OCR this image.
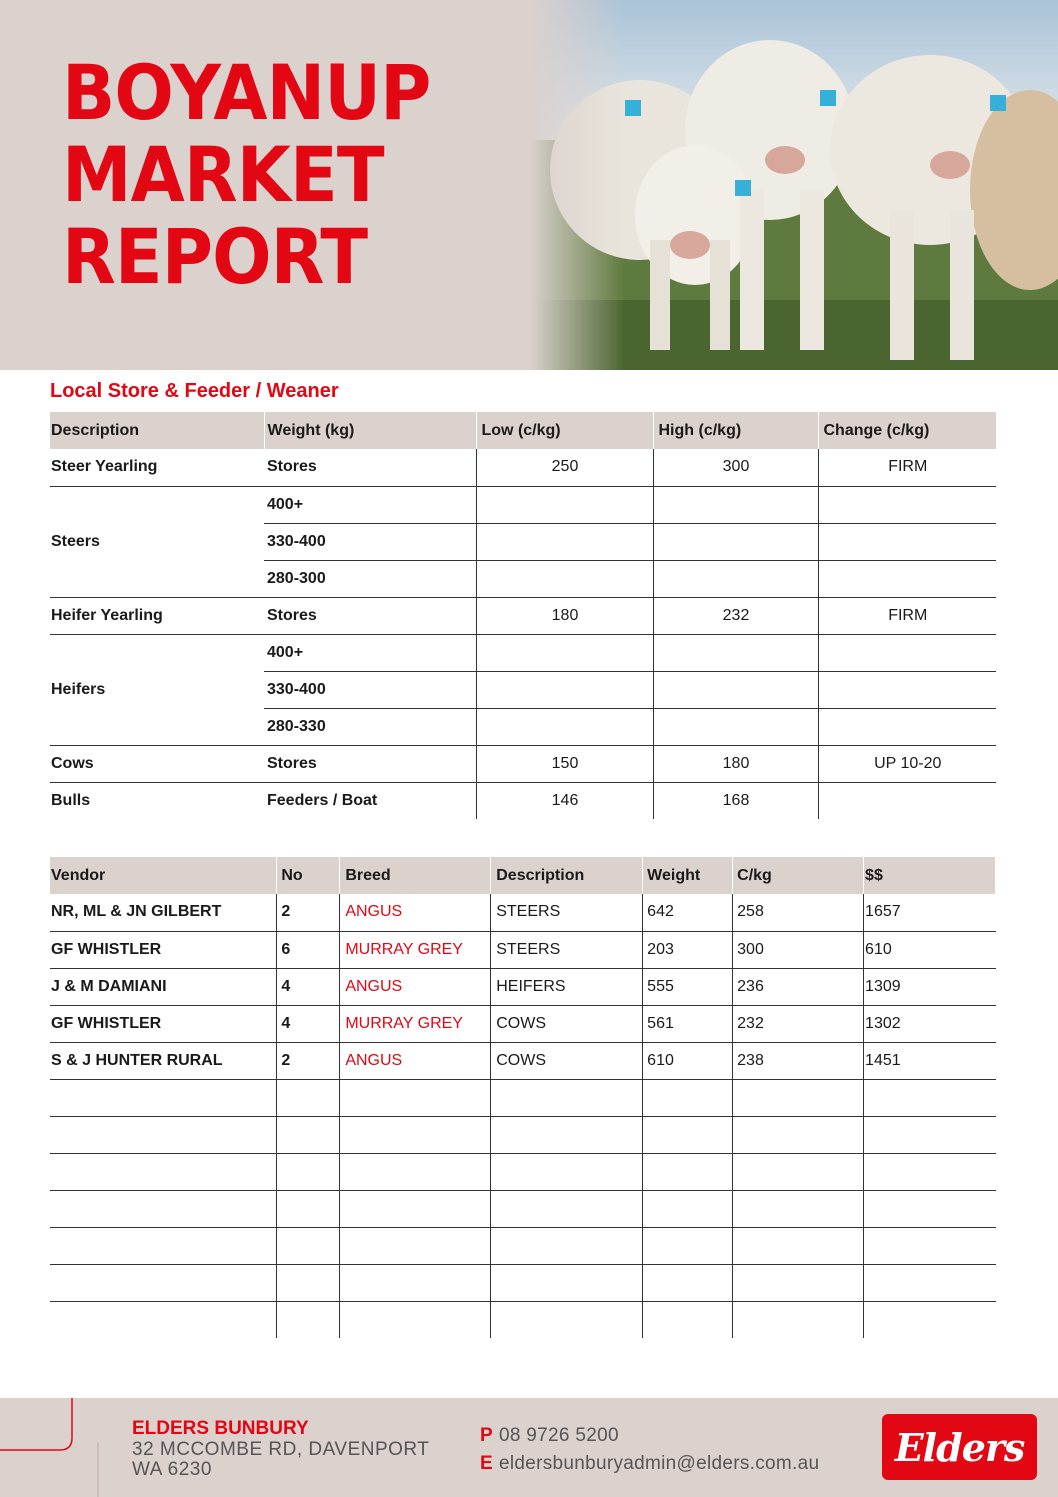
BOYANUP
MARKET
REPORT
Local Store & Feeder / Weaner
Description	Weight (kg)	Low (c/kg)	High (c/kg)	Change (c/kg)
Steer Yearling	Stores	250	300	FIRM
	400+			
Steers	330-400			
	280-300			
Heifer Yearling	Stores	180	232	FIRM
	400+			
Heifers	330-400			
	280-330			
Cows	Stores	150	180	UP 10-20
Bulls	Feeders / Boat	146	168	
Vendor	No	Breed	Description	Weight	C/kg	$$
NR, ML & JN GILBERT	2	ANGUS	STEERS	642	258	1657
GF WHISTLER	6	MURRAY GREY	STEERS	203	300	610
J & M DAMIANI	4	ANGUS	HEIFERS	555	236	1309
GF WHISTLER	4	MURRAY GREY	COWS	561	232	1302
S & J HUNTER RURAL	2	ANGUS	COWS	610	238	1451

ELDERS BUNBURY
32 MCCOMBE RD, DAVENPORT
WA 6230
P 08 9726 5200
E eldersbunburyadmin@elders.com.au Elders
